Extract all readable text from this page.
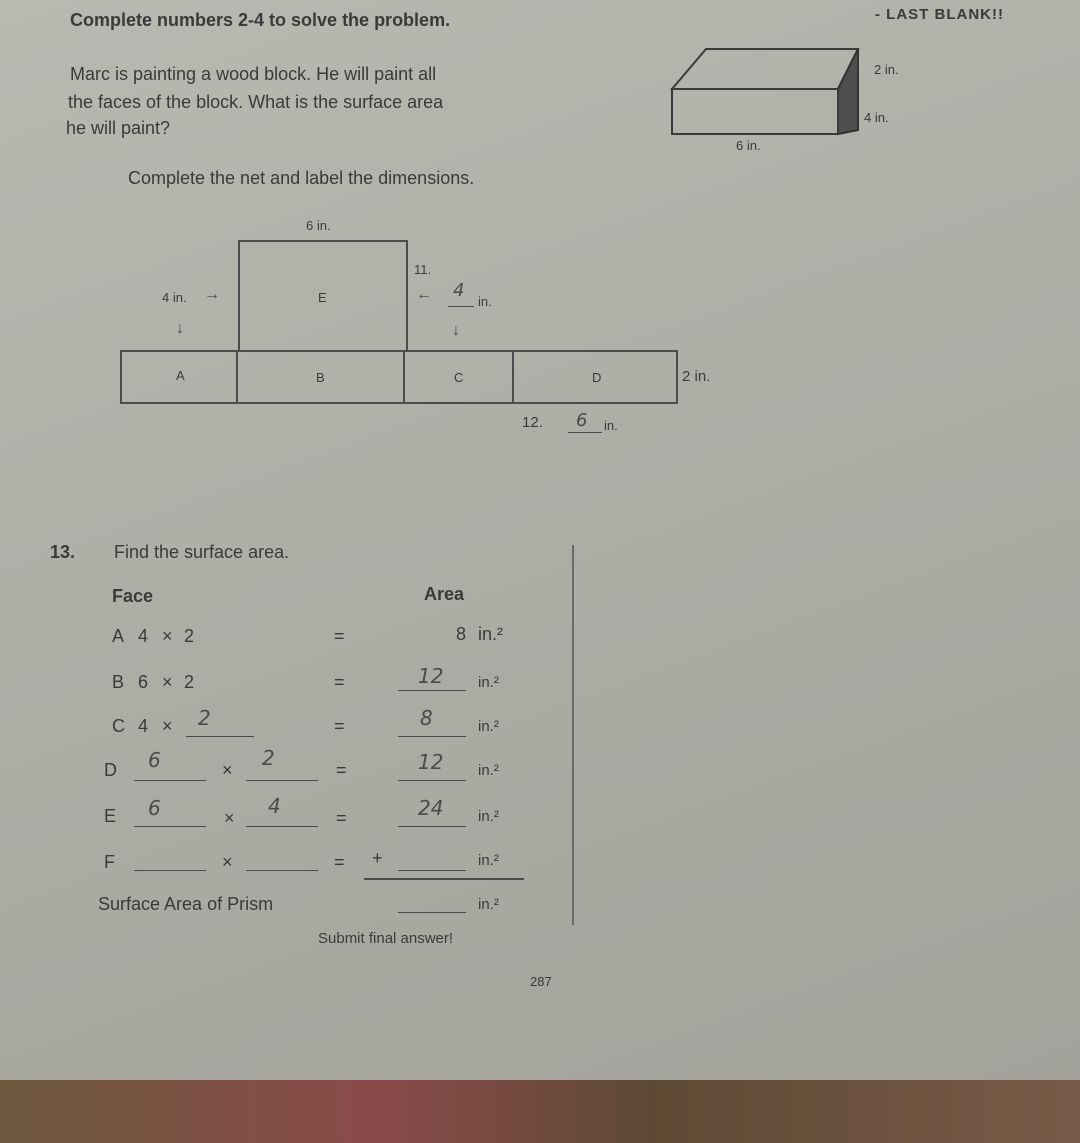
Complete numbers 2-4 to solve the problem.	- LAST BLANK!!
Marc is painting a wood block. He will paint all
the faces of the block. What is the surface area
he will paint?
2 in.
4 in.
6 in.
Complete the net and label the dimensions.
6 in.
E
A	B	C	D
4 in. →
↓
11.
← 4
in.
↓
2 in.
12. 6 in.
13. Find the surface area.
Face	Area
A 4 × 2	=	8 in.²
B 6 × 2	=	12 in.²
C 4 × 2	=	8	in.²
D 6	× 2	=	12 in.²
E 6	× 4	=	24 in.²
F	×	= +	in.²
Surface Area of Prism	in.²
Submit final answer!
287
